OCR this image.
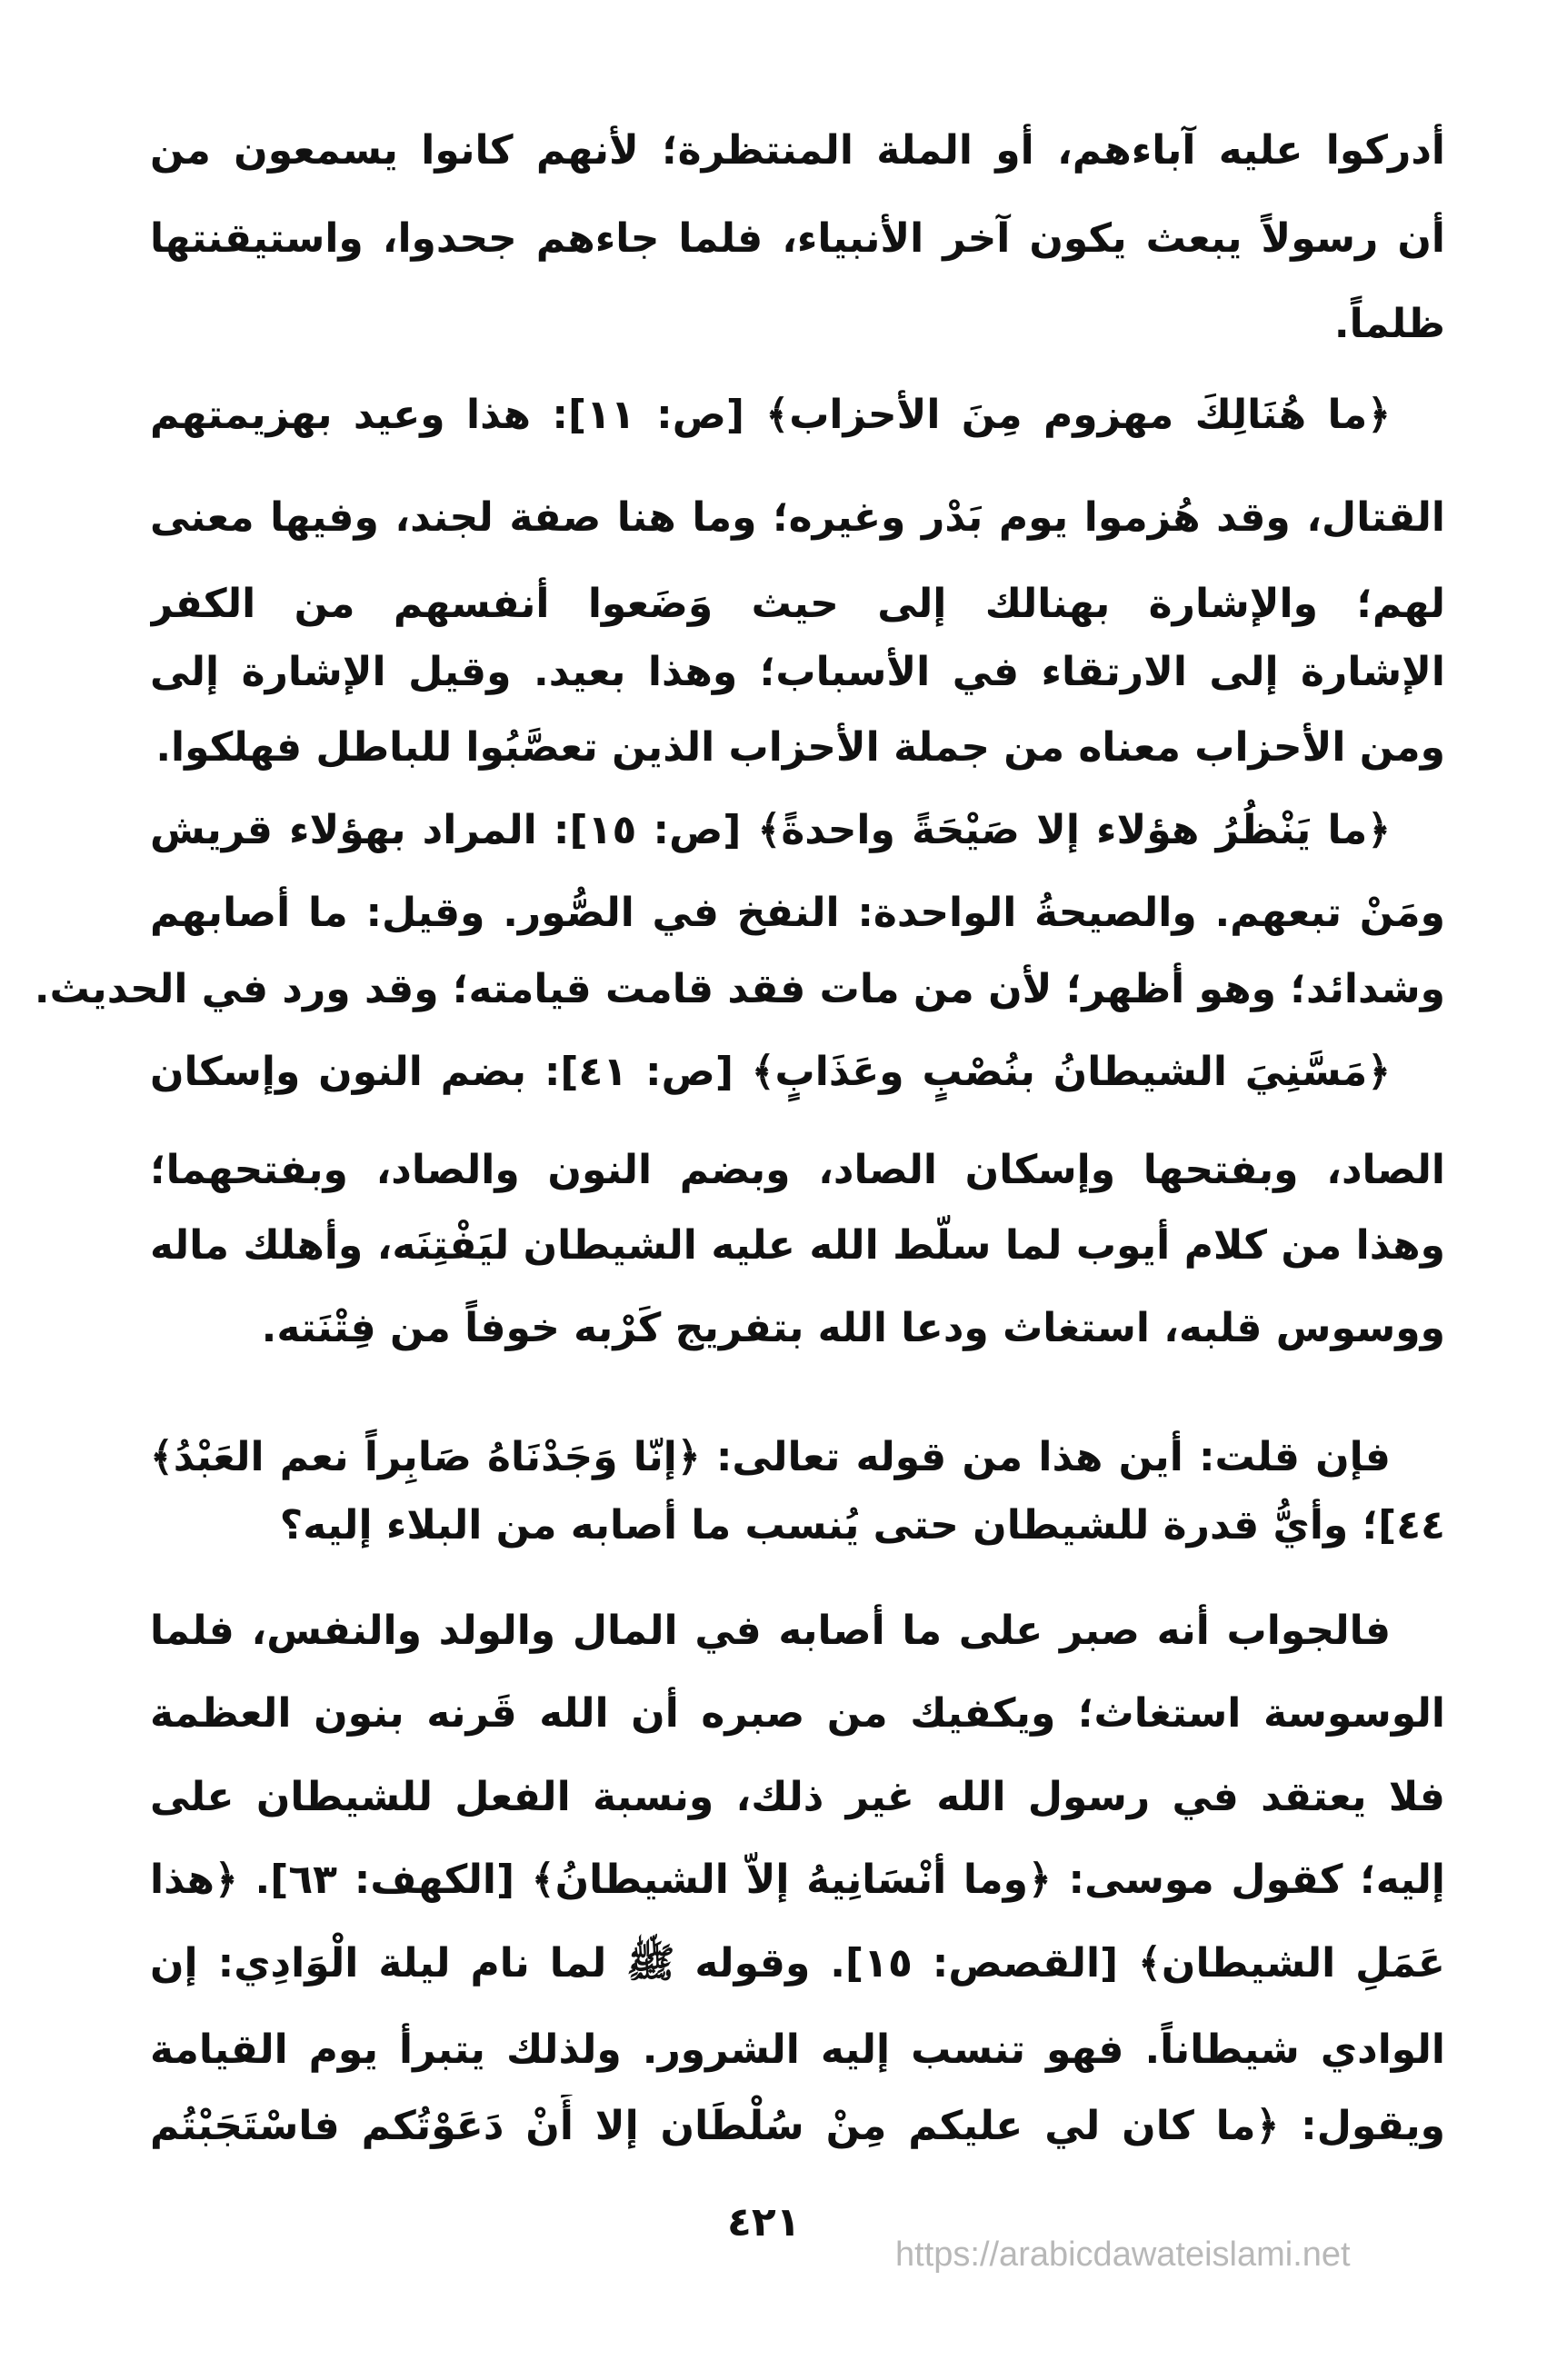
أدركوا عليه آباءهم، أو الملة المنتظرة؛ لأنهم كانوا يسمعون من
أن رسولاً يبعث يكون آخر الأنبياء، فلما جاءهم جحدوا، واستيقنتها
ظلماً.
﴿ما هُنَالِكَ مهزوم مِنَ الأحزاب﴾ [ص: ١١]: هذا وعيد بهزيمتهم
القتال، وقد هُزموا يوم بَدْر وغيره؛ وما هنا صفة لجند، وفيها معنى
لهم؛ والإشارة بهنالك إلى حيث وَضَعوا أنفسهم من الكفر
الإشارة إلى الارتقاء في الأسباب؛ وهذا بعيد. وقيل الإشارة إلى
ومن الأحزاب معناه من جملة الأحزاب الذين تعصَّبُوا للباطل فهلكوا.
﴿ما يَنْظُرُ هؤلاء إلا صَيْحَةً واحدةً﴾ [ص: ١٥]: المراد بهؤلاء قريش
ومَنْ تبعهم. والصيحةُ الواحدة: النفخ في الصُّور. وقيل: ما أصابهم
وشدائد؛ وهو أظهر؛ لأن من مات فقد قامت قيامته؛ وقد ورد في الحديث.
﴿مَسَّنِيَ الشيطانُ بنُصْبٍ وعَذَابٍ﴾ [ص: ٤١]: بضم النون وإسكان
الصاد، وبفتحها وإسكان الصاد، وبضم النون والصاد، وبفتحهما؛
وهذا من كلام أيوب لما سلّط الله عليه الشيطان ليَفْتِنَه، وأهلك ماله
ووسوس قلبه، استغاث ودعا الله بتفريج كَرْبه خوفاً من فِتْنَته.
فإن قلت: أين هذا من قوله تعالى: ﴿إنّا وَجَدْنَاهُ صَابِراً نعم العَبْدُ﴾
٤٤]؛ وأيُّ قدرة للشيطان حتى يُنسب ما أصابه من البلاء إليه؟
فالجواب أنه صبر على ما أصابه في المال والولد والنفس، فلما
الوسوسة استغاث؛ ويكفيك من صبره أن الله قَرنه بنون العظمة
فلا يعتقد في رسول الله غير ذلك، ونسبة الفعل للشيطان على
إليه؛ كقول موسى: ﴿وما أنْسَانِيهُ إلاّ الشيطانُ﴾ [الكهف: ٦٣]. ﴿هذا
عَمَلِ الشيطان﴾ [القصص: ١٥]. وقوله ﷺ لما نام ليلة الْوَادِي: إن
الوادي شيطاناً. فهو تنسب إليه الشرور. ولذلك يتبرأ يوم القيامة
ويقول: ﴿ما كان لي عليكم مِنْ سُلْطَان إلا أَنْ دَعَوْتُكم فاسْتَجَبْتُم
٤٢١
https://arabicdawateislami.net
